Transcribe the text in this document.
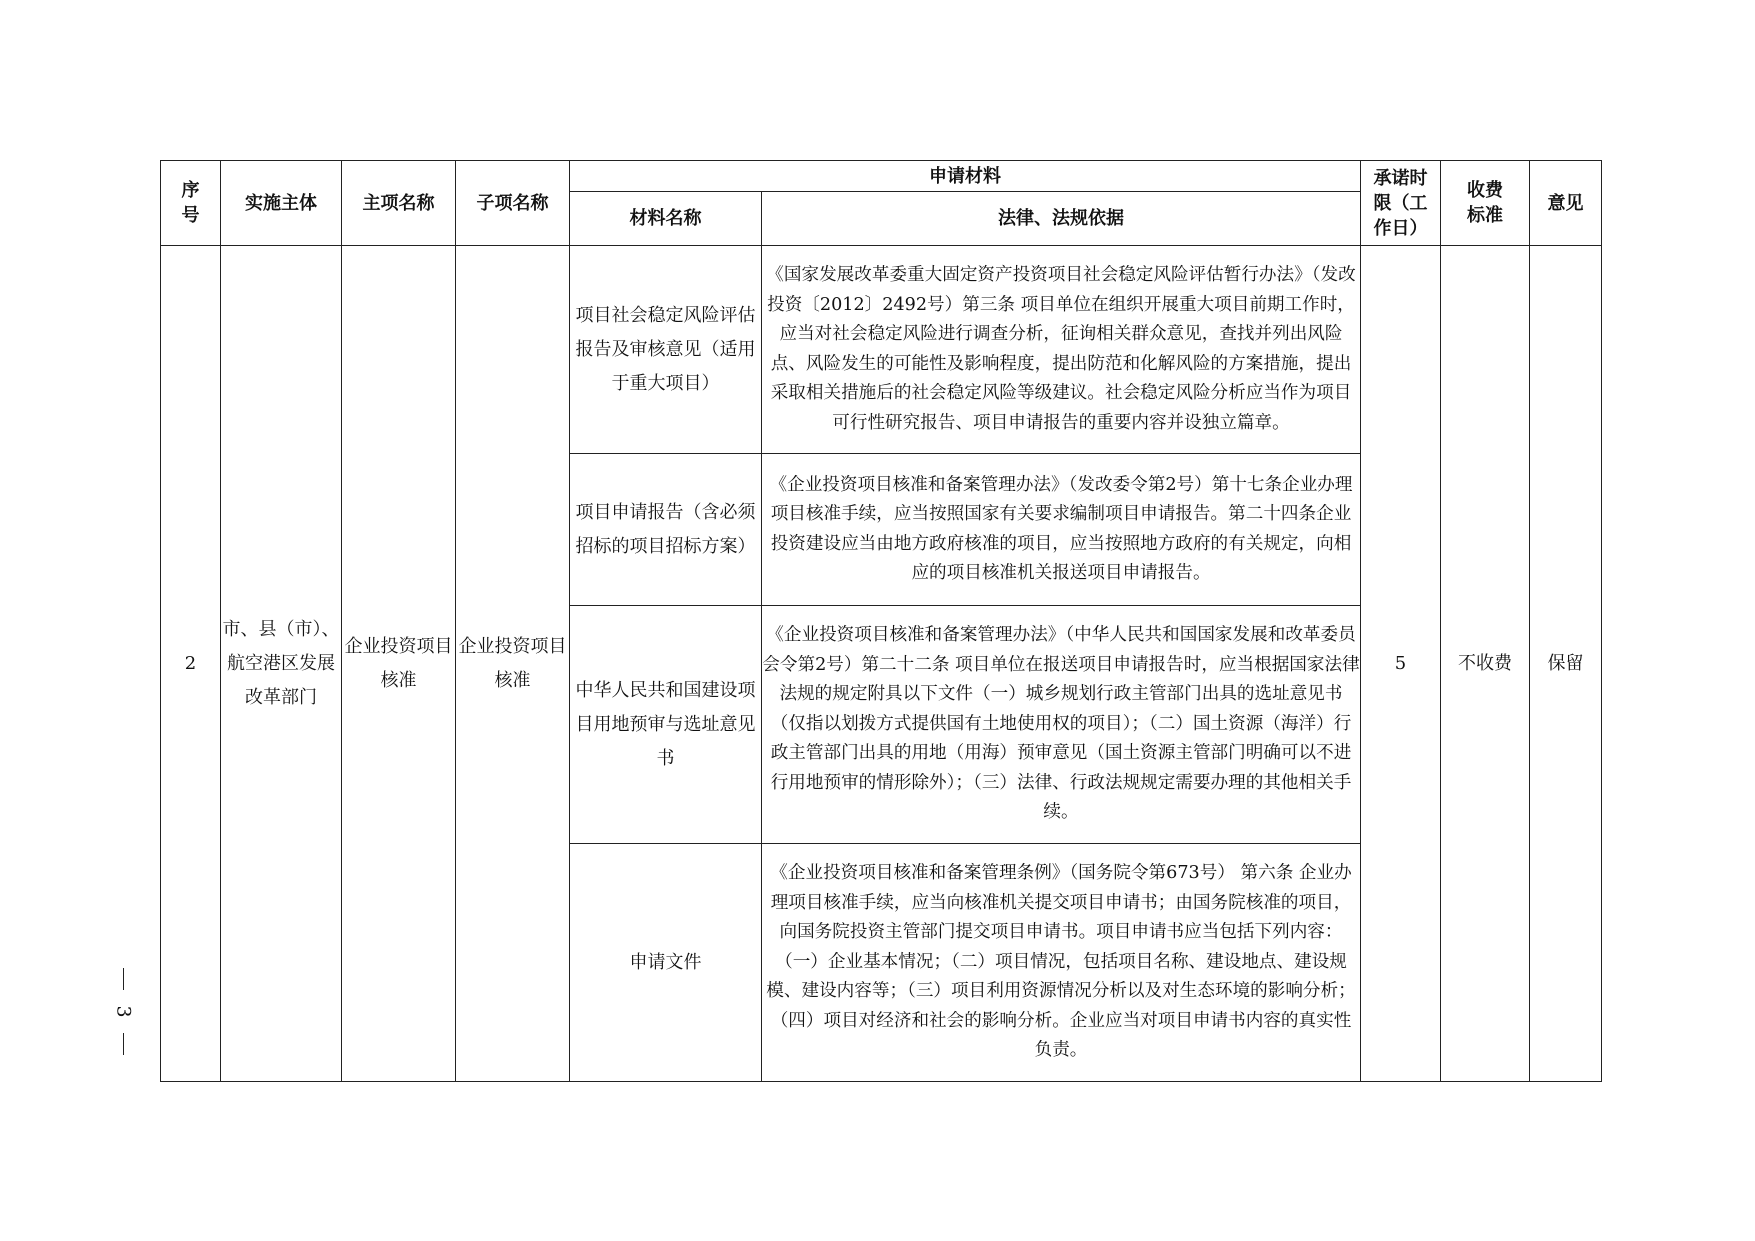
3
序号	实施主体	主项名称	子项名称	申请材料		承诺时限（工作日）	收费标准	意见
				材料名称	法律、法规依据			
2	市、县（市）、航空港区发展改革部门	企业投资项目核准	企业投资项目核准	项目社会稳定风险评估报告及审核意见（适用于重大项目）	《国家发展改革委重大固定资产投资项目社会稳定风险评估暂行办法》（发改投资〔2012〕2492号）第三条 项目单位在组织开展重大项目前期工作时，应当对社会稳定风险进行调查分析，征询相关群众意见，查找并列出风险点、风险发生的可能性及影响程度，提出防范和化解风险的方案措施，提出采取相关措施后的社会稳定风险等级建议。社会稳定风险分析应当作为项目可行性研究报告、项目申请报告的重要内容并设独立篇章。	5	不收费	保留
				项目申请报告（含必须招标的项目招标方案）	《企业投资项目核准和备案管理办法》（发改委令第2号）第十七条企业办理项目核准手续，应当按照国家有关要求编制项目申请报告。第二十四条企业投资建设应当由地方政府核准的项目，应当按照地方政府的有关规定，向相应的项目核准机关报送项目申请报告。			
				中华人民共和国建设项目用地预审与选址意见书	《企业投资项目核准和备案管理办法》（中华人民共和国国家发展和改革委员会令第2号）第二十二条 项目单位在报送项目申请报告时，应当根据国家法律法规的规定附具以下文件（一）城乡规划行政主管部门出具的选址意见书（仅指以划拨方式提供国有土地使用权的项目）；（二）国土资源（海洋）行政主管部门出具的用地（用海）预审意见（国土资源主管部门明确可以不进行用地预审的情形除外）；（三）法律、行政法规规定需要办理的其他相关手续。			
				申请文件	《企业投资项目核准和备案管理条例》（国务院令第673号） 第六条 企业办理项目核准手续，应当向核准机关提交项目申请书；由国务院核准的项目，向国务院投资主管部门提交项目申请书。项目申请书应当包括下列内容：（一）企业基本情况；（二）项目情况，包括项目名称、建设地点、建设规模、建设内容等；（三）项目利用资源情况分析以及对生态环境的影响分析；（四）项目对经济和社会的影响分析。企业应当对项目申请书内容的真实性负责。			
